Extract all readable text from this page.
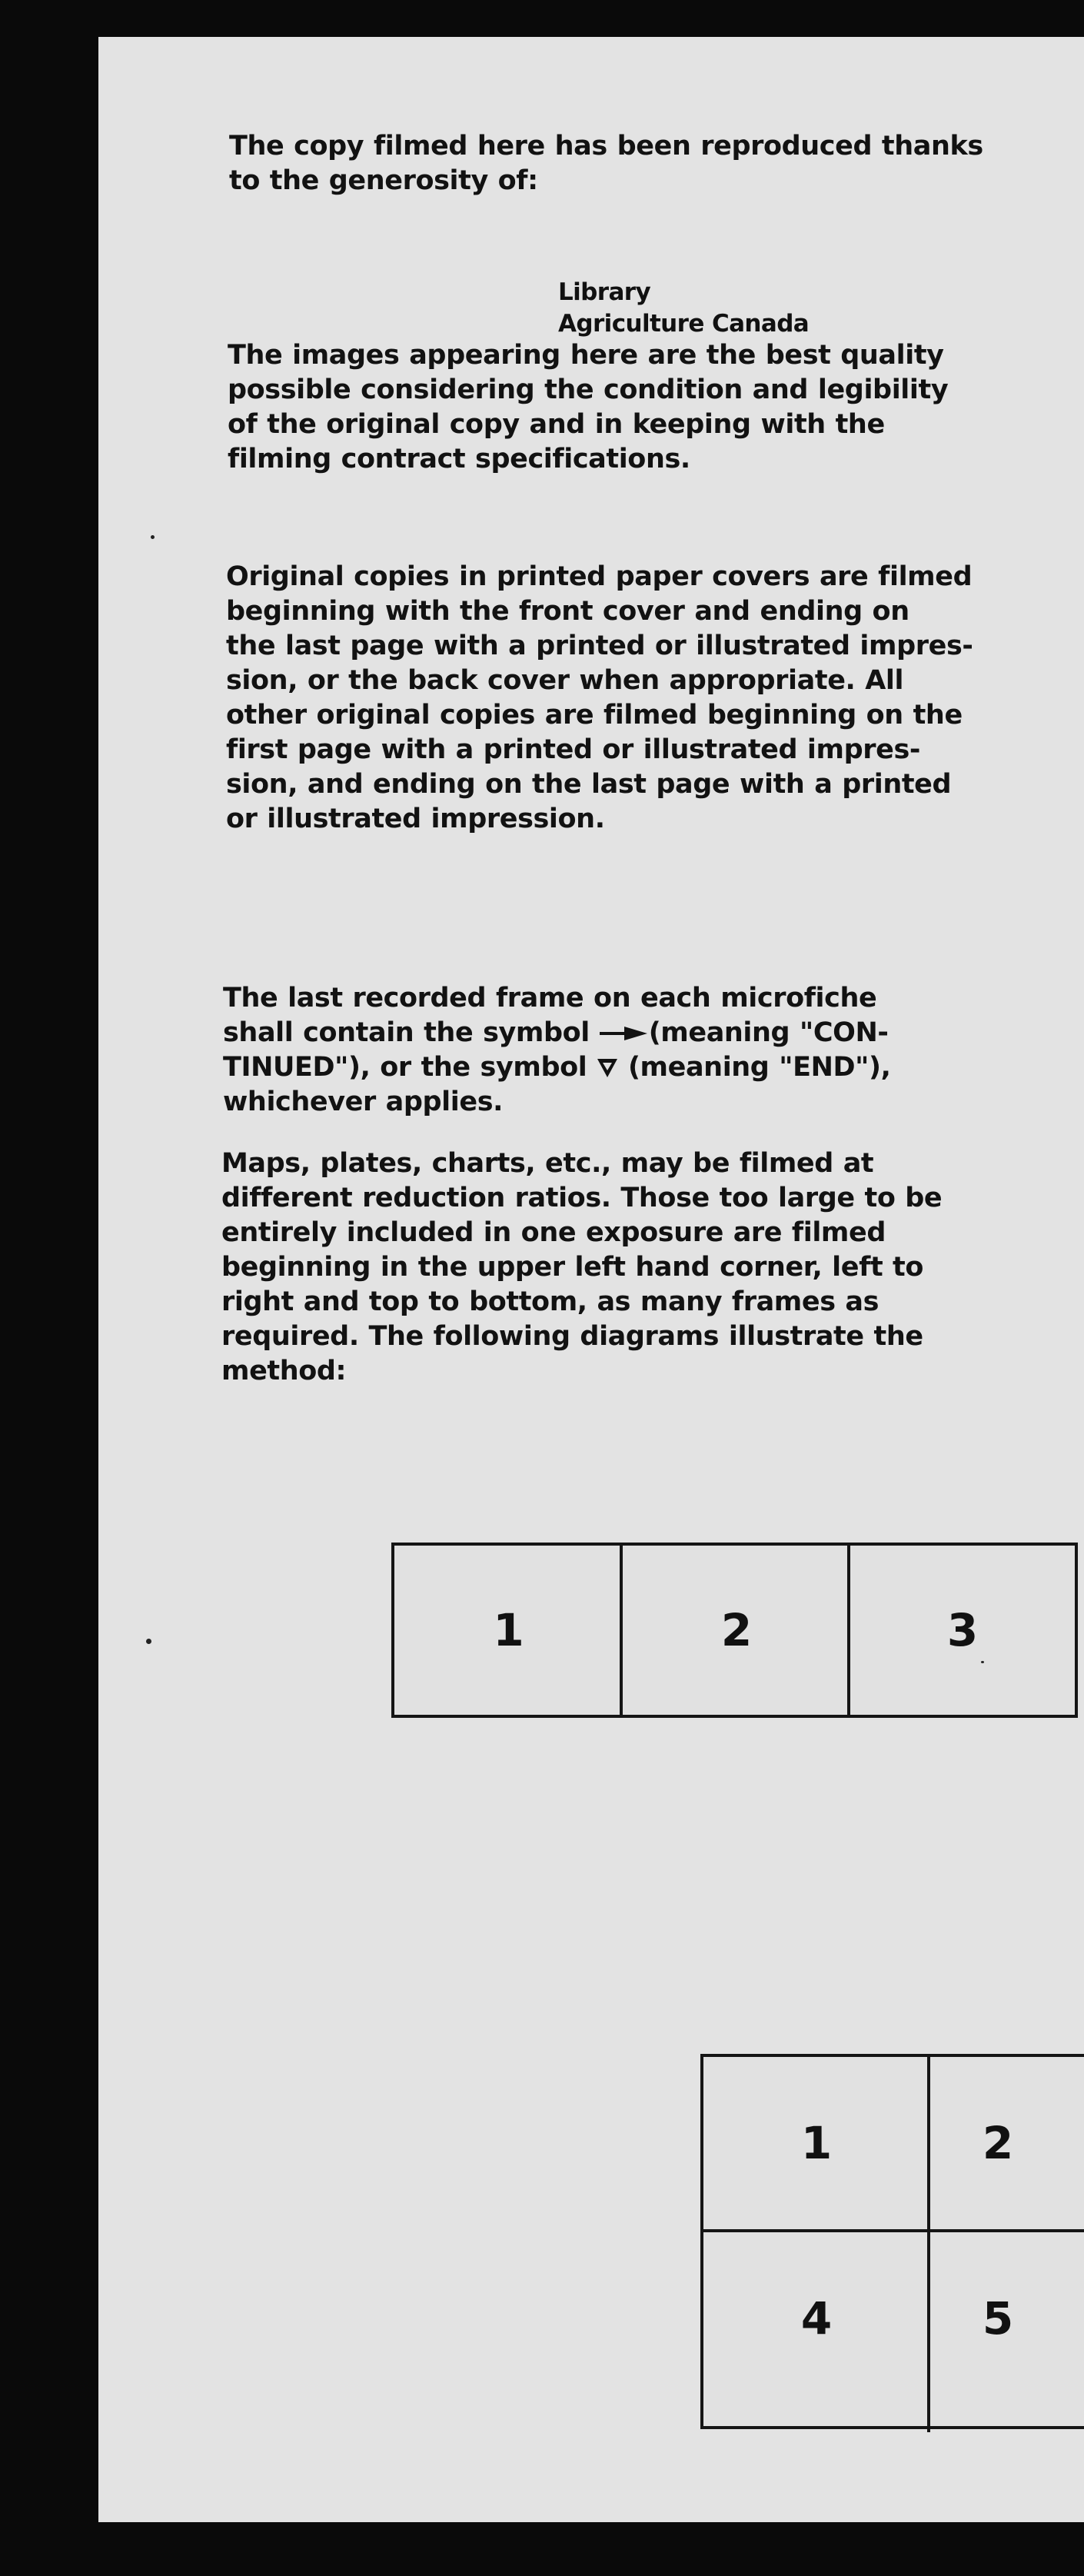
The copy filmed here has been reproduced thanks
to the generosity of:

Library
Agriculture Canada

The images appearing here are the best quality
possible considering the condition and legibility
of the original copy and in keeping with the
filming contract specifications.

Original copies in printed paper covers are filmed
beginning with the front cover and ending on
the last page with a printed or illustrated impres-
sion, or the back cover when appropriate. All
other original copies are filmed beginning on the
first page with a printed or illustrated impres-
sion, and ending on the last page with a printed
or illustrated impression.

The last recorded frame on each microfiche
shall contain the symbol (meaning "CON-
TINUED"), or the symbol (meaning "END"),
whichever applies.

Maps, plates, charts, etc., may be filmed at
different reduction ratios. Those too large to be
entirely included in one exposure are filmed
beginning in the upper left hand corner, left to
right and top to bottom, as many frames as
required. The following diagrams illustrate the
method:

1	2	3
1	2
4	5
